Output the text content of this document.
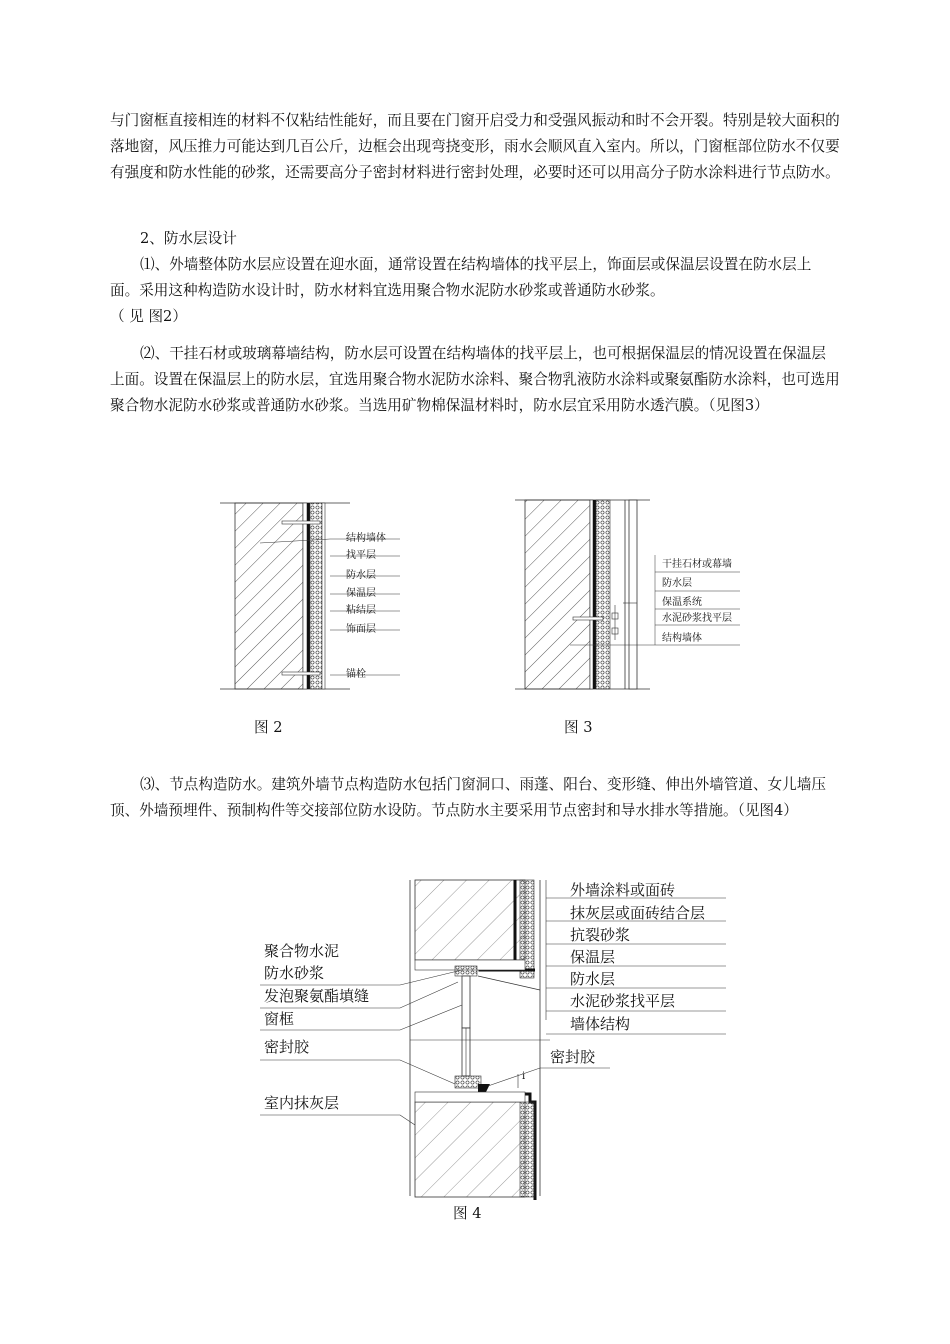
与门窗框直接相连的材料不仅粘结性能好，而且要在门窗开启受力和受强风振动和时不会开裂。特别是较大面积的落地窗，风压推力可能达到几百公斤，边框会出现弯挠变形，雨水会顺风直入室内。所以，门窗框部位防水不仅要有强度和防水性能的砂浆，还需要高分子密封材料进行密封处理，必要时还可以用高分子防水涂料进行节点防水。

2、防水层设计

⑴、外墙整体防水层应设置在迎水面，通常设置在结构墙体的找平层上，饰面层或保温层设置在防水层上面。采用这种构造防水设计时，防水材料宜选用聚合物水泥防水砂浆或普通防水砂浆。

（ 见 图2）

⑵、干挂石材或玻璃幕墙结构，防水层可设置在结构墙体的找平层上，也可根据保温层的情况设置在保温层上面。设置在保温层上的防水层，宜选用聚合物水泥防水涂料、聚合物乳液防水涂料或聚氨酯防水涂料，也可选用聚合物水泥防水砂浆或普通防水砂浆。当选用矿物棉保温材料时，防水层宜采用防水透汽膜。（见图3）

结构墙体
找平层
防水层
保温层
粘结层
饰面层
锚栓
图 2
干挂石材或幕墙
防水层
保温系统
水泥砂浆找平层
结构墙体
图 3

⑶、节点构造防水。建筑外墙节点构造防水包括门窗洞口、雨蓬、阳台、变形缝、伸出外墙管道、女儿墙压顶、外墙预埋件、预制构件等交接部位防水设防。节点防水主要采用节点密封和导水排水等措施。（见图4）

外墙涂料或面砖
抹灰层或面砖结合层
抗裂砂浆
保温层
防水层
水泥砂浆找平层
墙体结构
聚合物水泥
防水砂浆
发泡聚氨酯填缝
窗框
密封胶
室内抹灰层
密封胶
i
图 4
